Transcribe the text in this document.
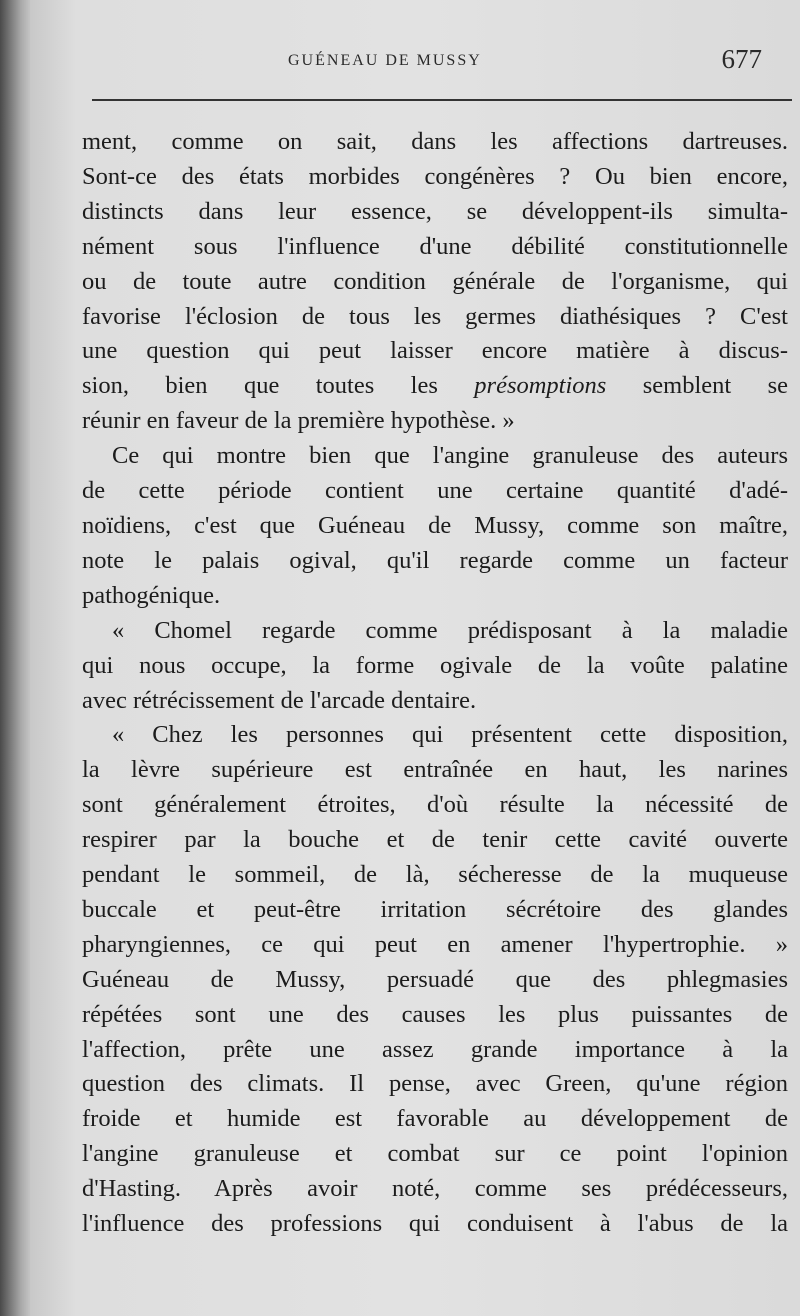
GUÉNEAU DE MUSSY	677
ment, comme on sait, dans les affections dartreuses.
Sont-ce des états morbides congénères ? Ou bien encore,
distincts dans leur essence, se développent-ils simulta-
nément sous l'influence d'une débilité constitutionnelle
ou de toute autre condition générale de l'organisme, qui
favorise l'éclosion de tous les germes diathésiques ? C'est
une question qui peut laisser encore matière à discus-
sion, bien que toutes les présomptions semblent se
réunir en faveur de la première hypothèse. »
Ce qui montre bien que l'angine granuleuse des auteurs
de cette période contient une certaine quantité d'adé-
noïdiens, c'est que Guéneau de Mussy, comme son maître,
note le palais ogival, qu'il regarde comme un facteur
pathogénique.
« Chomel regarde comme prédisposant à la maladie
qui nous occupe, la forme ogivale de la voûte palatine
avec rétrécissement de l'arcade dentaire.
« Chez les personnes qui présentent cette disposition,
la lèvre supérieure est entraînée en haut, les narines
sont généralement étroites, d'où résulte la nécessité de
respirer par la bouche et de tenir cette cavité ouverte
pendant le sommeil, de là, sécheresse de la muqueuse
buccale et peut-être irritation sécrétoire des glandes
pharyngiennes, ce qui peut en amener l'hypertrophie. »
Guéneau de Mussy, persuadé que des phlegmasies
répétées sont une des causes les plus puissantes de
l'affection, prête une assez grande importance à la
question des climats. Il pense, avec Green, qu'une région
froide et humide est favorable au développement de
l'angine granuleuse et combat sur ce point l'opinion
d'Hasting. Après avoir noté, comme ses prédécesseurs,
l'influence des professions qui conduisent à l'abus de la
